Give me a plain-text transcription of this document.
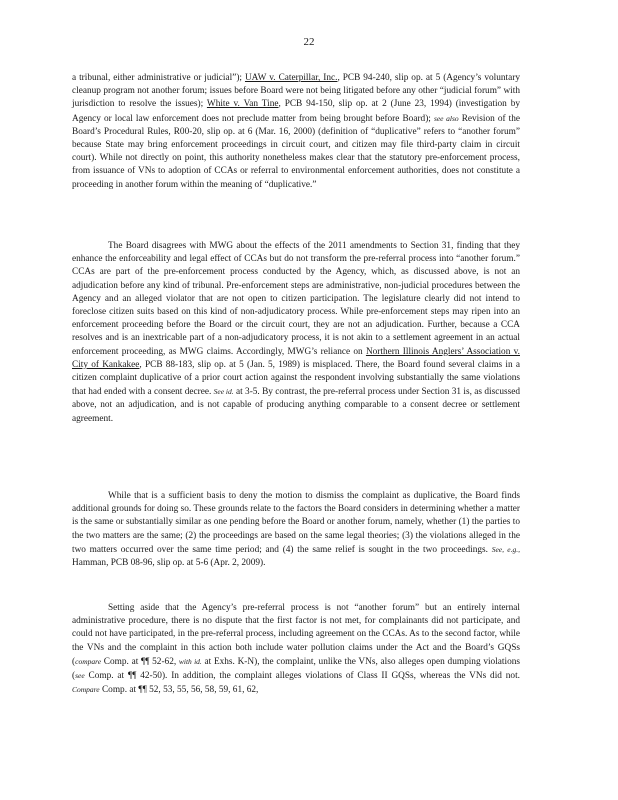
22

a tribunal, either administrative or judicial”); UAW v. Caterpillar, Inc., PCB 94-240, slip op. at 5 (Agency’s voluntary cleanup program not another forum; issues before Board were not being litigated before any other “judicial forum” with jurisdiction to resolve the issues); White v. Van Tine, PCB 94-150, slip op. at 2 (June 23, 1994) (investigation by Agency or local law enforcement does not preclude matter from being brought before Board); see also Revision of the Board’s Procedural Rules, R00-20, slip op. at 6 (Mar. 16, 2000) (definition of “duplicative” refers to “another forum” because State may bring enforcement proceedings in circuit court, and citizen may file third-party claim in circuit court). While not directly on point, this authority nonetheless makes clear that the statutory pre-enforcement process, from issuance of VNs to adoption of CCAs or referral to environmental enforcement authorities, does not constitute a proceeding in another forum within the meaning of “duplicative.”

The Board disagrees with MWG about the effects of the 2011 amendments to Section 31, finding that they enhance the enforceability and legal effect of CCAs but do not transform the pre-referral process into “another forum.” CCAs are part of the pre-enforcement process conducted by the Agency, which, as discussed above, is not an adjudication before any kind of tribunal. Pre-enforcement steps are administrative, non-judicial procedures between the Agency and an alleged violator that are not open to citizen participation. The legislature clearly did not intend to foreclose citizen suits based on this kind of non-adjudicatory process. While pre-enforcement steps may ripen into an enforcement proceeding before the Board or the circuit court, they are not an adjudication. Further, because a CCA resolves and is an inextricable part of a non-adjudicatory process, it is not akin to a settlement agreement in an actual enforcement proceeding, as MWG claims. Accordingly, MWG’s reliance on Northern Illinois Anglers’ Association v. City of Kankakee, PCB 88-183, slip op. at 5 (Jan. 5, 1989) is misplaced. There, the Board found several claims in a citizen complaint duplicative of a prior court action against the respondent involving substantially the same violations that had ended with a consent decree. See id. at 3-5. By contrast, the pre-referral process under Section 31 is, as discussed above, not an adjudication, and is not capable of producing anything comparable to a consent decree or settlement agreement.

While that is a sufficient basis to deny the motion to dismiss the complaint as duplicative, the Board finds additional grounds for doing so. These grounds relate to the factors the Board considers in determining whether a matter is the same or substantially similar as one pending before the Board or another forum, namely, whether (1) the parties to the two matters are the same; (2) the proceedings are based on the same legal theories; (3) the violations alleged in the two matters occurred over the same time period; and (4) the same relief is sought in the two proceedings. See, e.g., Hamman, PCB 08-96, slip op. at 5-6 (Apr. 2, 2009).

Setting aside that the Agency’s pre-referral process is not “another forum” but an entirely internal administrative procedure, there is no dispute that the first factor is not met, for complainants did not participate, and could not have participated, in the pre-referral process, including agreement on the CCAs. As to the second factor, while the VNs and the complaint in this action both include water pollution claims under the Act and the Board’s GQSs (compare Comp. at ¶¶ 52-62, with id. at Exhs. K-N), the complaint, unlike the VNs, also alleges open dumping violations (see Comp. at ¶¶ 42-50). In addition, the complaint alleges violations of Class II GQSs, whereas the VNs did not. Compare Comp. at ¶¶ 52, 53, 55, 56, 58, 59, 61, 62,
